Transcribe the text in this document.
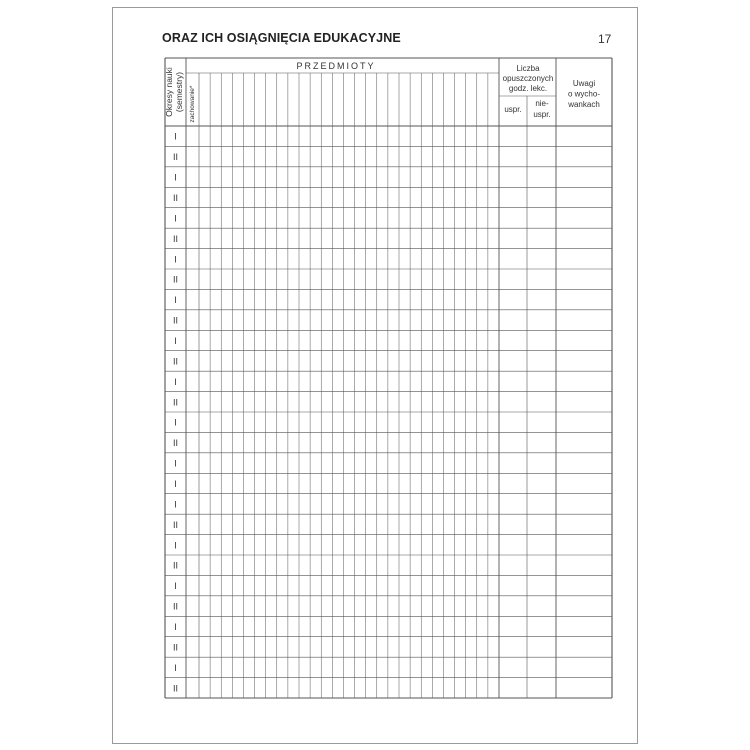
ORAZ ICH OSIĄGNIĘCIA EDUKACYJNE	17
Okresy nauki (semestry) zachowanie*
PRZEDMIOTY	Liczba
opuszczonych
godz. lekc.
uspr.
nie-
uspr.
Uwagi
o wycho-
wankach
I
II
I
II
I
II
I
II
I
II
I
II
I
II
I
II
I
I
I
II
I
II
I
II
I
II
I
II
